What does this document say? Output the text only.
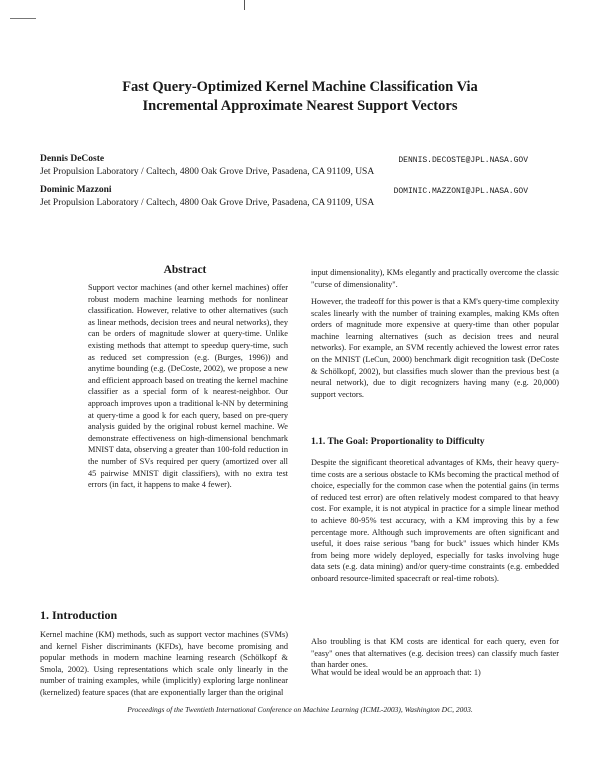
Fast Query-Optimized Kernel Machine Classification Via
Incremental Approximate Nearest Support Vectors
Dennis DeCoste	DENNIS.DECOSTE@JPL.NASA.GOV
Jet Propulsion Laboratory / Caltech, 4800 Oak Grove Drive, Pasadena, CA 91109, USA
Dominic Mazzoni	DOMINIC.MAZZONI@JPL.NASA.GOV
Jet Propulsion Laboratory / Caltech, 4800 Oak Grove Drive, Pasadena, CA 91109, USA
Abstract

Support vector machines (and other kernel machines) offer robust modern machine learning methods for nonlinear classification. However, relative to other alternatives (such as linear methods, decision trees and neural networks), they can be orders of magnitude slower at query-time. Unlike existing methods that attempt to speedup query-time, such as reduced set compression (e.g. (Burges, 1996)) and anytime bounding (e.g. (DeCoste, 2002), we propose a new and efficient approach based on treating the kernel machine classifier as a special form of k nearest-neighbor. Our approach improves upon a traditional k-NN by determining at query-time a good k for each query, based on pre-query analysis guided by the original robust kernel machine. We demonstrate effectiveness on high-dimensional benchmark MNIST data, observing a greater than 100-fold reduction in the number of SVs required per query (amortized over all 45 pairwise MNIST digit classifiers), with no extra test errors (in fact, it happens to make 4 fewer).

1. Introduction

Kernel machine (KM) methods, such as support vector machines (SVMs) and kernel Fisher discriminants (KFDs), have become promising and popular methods in modern machine learning research (Schölkopf & Smola, 2002). Using representations which scale only linearly in the number of training examples, while (implicitly) exploring large nonlinear (kernelized) feature spaces (that are exponentially larger than the original

input dimensionality), KMs elegantly and practically overcome the classic "curse of dimensionality".

However, the tradeoff for this power is that a KM's query-time complexity scales linearly with the number of training examples, making KMs often orders of magnitude more expensive at query-time than other popular machine learning alternatives (such as decision trees and neural networks). For example, an SVM recently achieved the lowest error rates on the MNIST (LeCun, 2000) benchmark digit recognition task (DeCoste & Schölkopf, 2002), but classifies much slower than the previous best (a neural network), due to digit recognizers having many (e.g. 20,000) support vectors.

1.1. The Goal: Proportionality to Difficulty

Despite the significant theoretical advantages of KMs, their heavy query-time costs are a serious obstacle to KMs becoming the practical method of choice, especially for the common case when the potential gains (in terms of reduced test error) are often relatively modest compared to that heavy cost. For example, it is not atypical in practice for a simple linear method to achieve 80-95% test accuracy, with a KM improving this by a few percentage more. Although such improvements are often significant and useful, it does raise serious "bang for buck" issues which hinder KMs from being more widely deployed, especially for tasks involving huge data sets (e.g. data mining) and/or query-time constraints (e.g. embedded onboard resource-limited spacecraft or real-time robots).

Also troubling is that KM costs are identical for each query, even for "easy" ones that alternatives (e.g. decision trees) can classify much faster than harder ones.

What would be ideal would be an approach that: 1)

Proceedings of the Twentieth International Conference on Machine Learning (ICML-2003), Washington DC, 2003.
